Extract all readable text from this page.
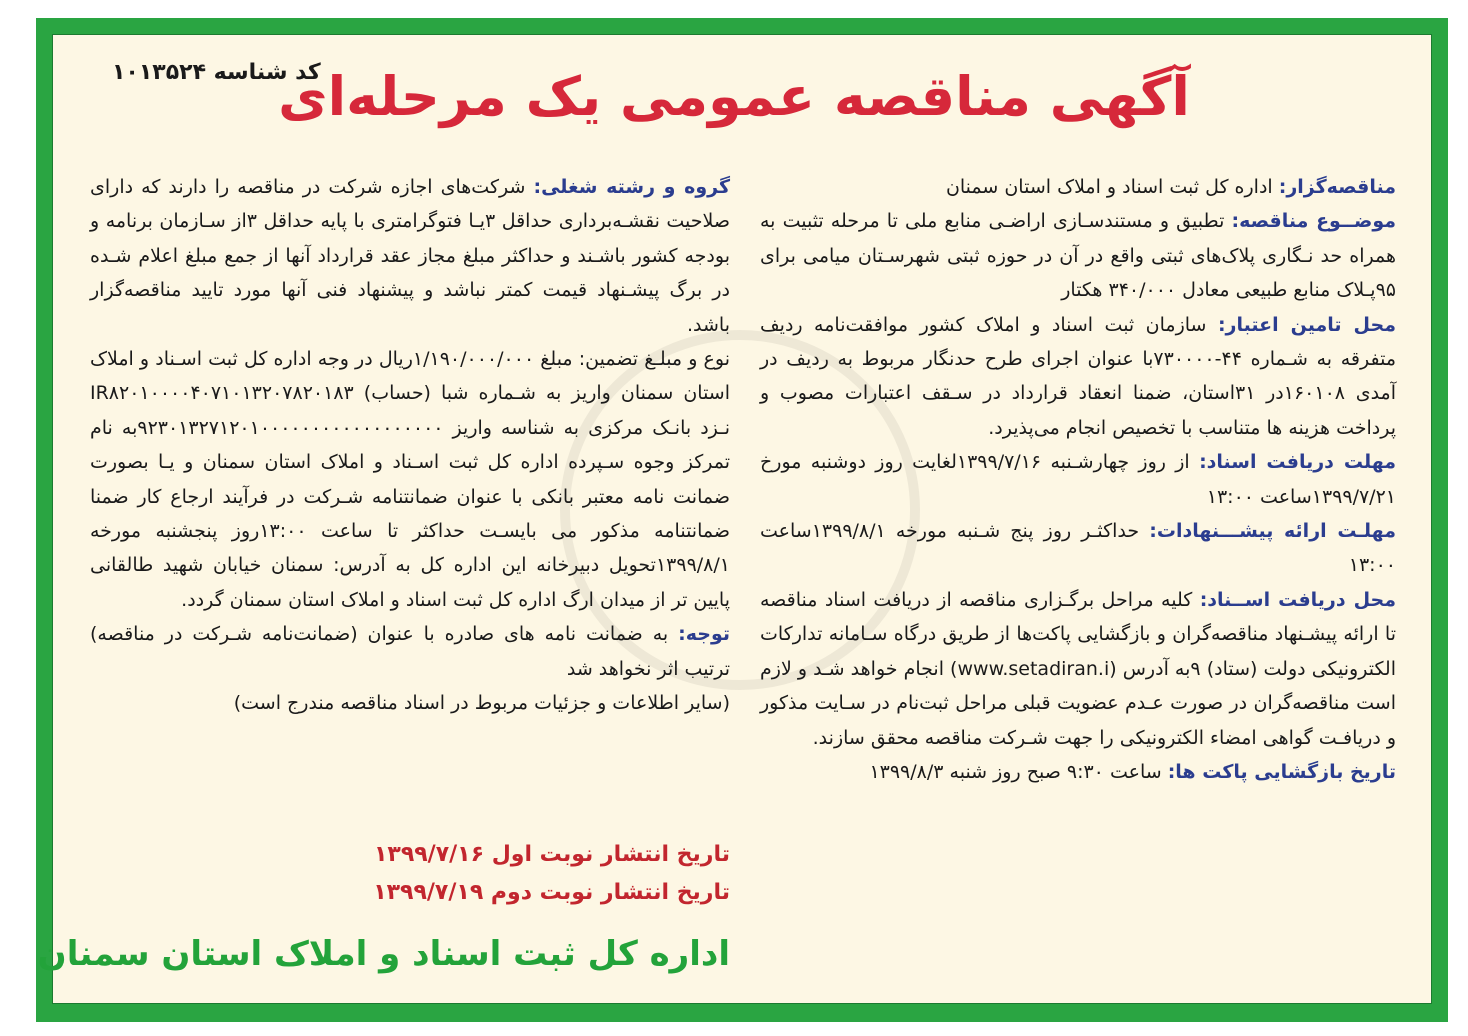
کد شناسه ۱۰۱۳۵۲۴
آگهی مناقصه عمومی یک مرحله‌ای

مناقصه‌گزار: اداره کل ثبت اسناد و املاک استان سمنان

موضــوع مناقصه: تطبیق و مستندسـازی اراضـی منابع ملی تا مرحله تثبیت به همراه حد نـگاری پلاک‌های ثبتی واقع در آن در حوزه ثبتی شهرسـتان میامی برای ۹۵پـلاک منابع طبیعی معادل ۳۴۰/۰۰۰ هکتار

محل تامین اعتبار: سازمان ثبت اسناد و املاک کشور موافقت‌نامه ردیف متفرقه به شـماره ۴۴-۷۳۰۰۰۰با عنوان اجرای طرح حدنگار مربوط به ردیف در آمدی ۱۶۰۱۰۸در ۳۱استان، ضمنا انعقاد قرارداد در سـقف اعتبارات مصوب و پرداخت هزینه ها متناسب با تخصیص انجام می‌پذیرد.

مهلت دریافت اسناد: از روز چهارشـنبه ۱۳۹۹/۷/۱۶لغایت روز دوشنبه مورخ ۱۳۹۹/۷/۲۱ساعت ۱۳:۰۰

مهلـت ارائه پیشـــنهادات: حداکثـر روز پنج شـنبه مورخه ۱۳۹۹/۸/۱ساعت ۱۳:۰۰

محل دریافت اســناد: کلیه مراحل برگـزاری مناقصه از دریافت اسناد مناقصه تا ارائه پیشـنهاد مناقصه‌گران و بازگشایی پاکت‌ها از طریق درگاه سـامانه تدارکات الکترونیکی دولت (ستاد) ۹به آدرس (www.setadiran.i) انجام خواهد شـد و لازم است مناقصه‌گران در صورت عـدم عضویت قبلی مراحل ثبت‌نام در سـایت مذکور و دریافـت گواهی امضاء الکترونیکی را جهت شـرکت مناقصه محقق سازند.

تاریخ بازگشایی پاکت ها: ساعت ۹:۳۰ صبح روز شنبه ۱۳۹۹/۸/۳

گروه و رشته شغلی: شرکت‌های اجازه شرکت در مناقصه را دارند که دارای صلاحیت نقشـه‌برداری حداقل ۳یـا فتوگرامتری با پایه حداقل ۳از سـازمان برنامه و بودجه کشور باشـند و حداکثر مبلغ مجاز عقد قرارداد آنها از جمع مبلغ اعلام شـده در برگ پیشـنهاد قیمت کمتر نباشد و پیشنهاد فنی آنها مورد تایید مناقصه‌گزار باشد.

نوع و مبلـغ تضمین: مبلغ ۱/۱۹۰/۰۰۰/۰۰۰ریال در وجه اداره کل ثبت اسـناد و املاک استان سمنان واریز به شـماره شبا (حساب) IR۸۲۰۱۰۰۰۰۴۰۷۱۰۱۳۲۰۷۸۲۰۱۸۳ نـزد بانـک مرکزی به شناسه واریز ۹۲۳۰۱۳۲۷۱۲۰۱۰۰۰۰۰۰۰۰۰۰۰۰۰۰۰۰۰۰به نام تمرکز وجوه سـپرده اداره کل ثبت اسـناد و املاک استان سمنان و یـا بصورت ضمانت نامه معتبر بانکی با عنوان ضمانتنامه شـرکت در فرآیند ارجاع کار ضمنا ضمانتنامه مذکور می بایسـت حداکثر تا ساعت ۱۳:۰۰روز پنجشنبه مورخه ۱۳۹۹/۸/۱تحویل دبیرخانه این اداره کل به آدرس: سمنان خیابان شهید طالقانی پایین تر از میدان ارگ اداره کل ثبت اسناد و املاک استان سمنان گردد.

توجه: به ضمانت نامه های صادره با عنوان (ضمانت‌نامه شـرکت در مناقصه) ترتیب اثر نخواهد شد

(سایر اطلاعات و جزئیات مربوط در اسناد مناقصه مندرج است)

تاریخ انتشار نوبت اول ۱۳۹۹/۷/۱۶
تاریخ انتشار نوبت دوم ۱۳۹۹/۷/۱۹
اداره کل ثبت اسناد و املاک استان سمنان
